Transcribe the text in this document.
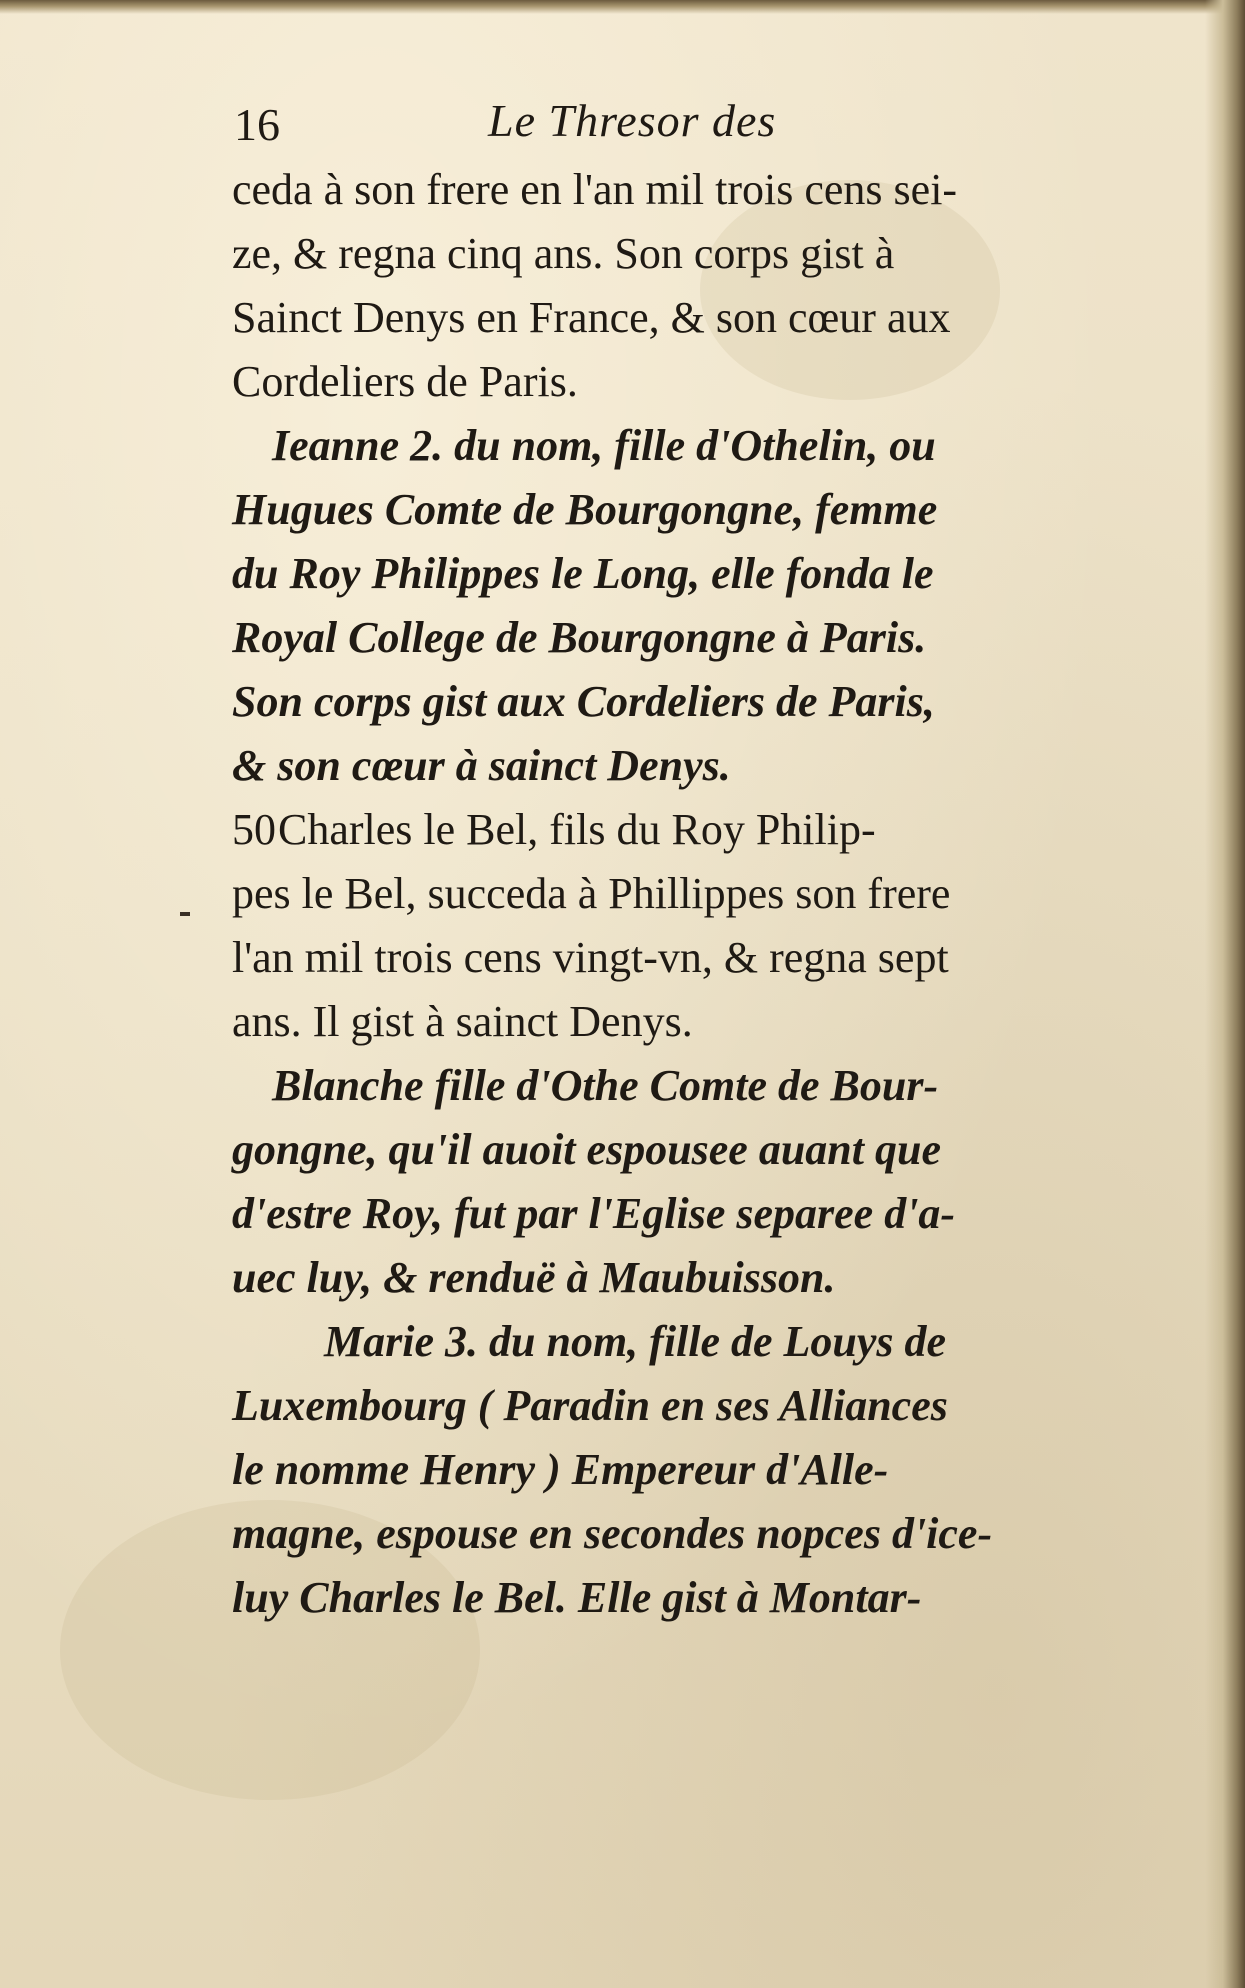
16	Le Thresor des
ceda à son frere en l'an mil trois cens sei-
ze, & regna cinq ans. Son corps gist à
Sainct Denys en France, & son cœur aux
Cordeliers de Paris.
Ieanne 2. du nom, fille d'Othelin, ou
Hugues Comte de Bourgongne, femme
du Roy Philippes le Long, elle fonda le
Royal College de Bourgongne à Paris.
Son corps gist aux Cordeliers de Paris,
& son cœur à sainct Denys.
50Charles le Bel, fils du Roy Philip-
pes le Bel, succeda à Phillippes son frere
l'an mil trois cens vingt-vn, & regna sept
ans. Il gist à sainct Denys.
Blanche fille d'Othe Comte de Bour-
gongne, qu'il auoit espousee auant que
d'estre Roy, fut par l'Eglise separee d'a-
uec luy, & renduë à Maubuisson.
Marie 3. du nom, fille de Louys de
Luxembourg ( Paradin en ses Alliances
le nomme Henry ) Empereur d'Alle-
magne, espouse en secondes nopces d'ice-
luy Charles le Bel. Elle gist à Montar-
